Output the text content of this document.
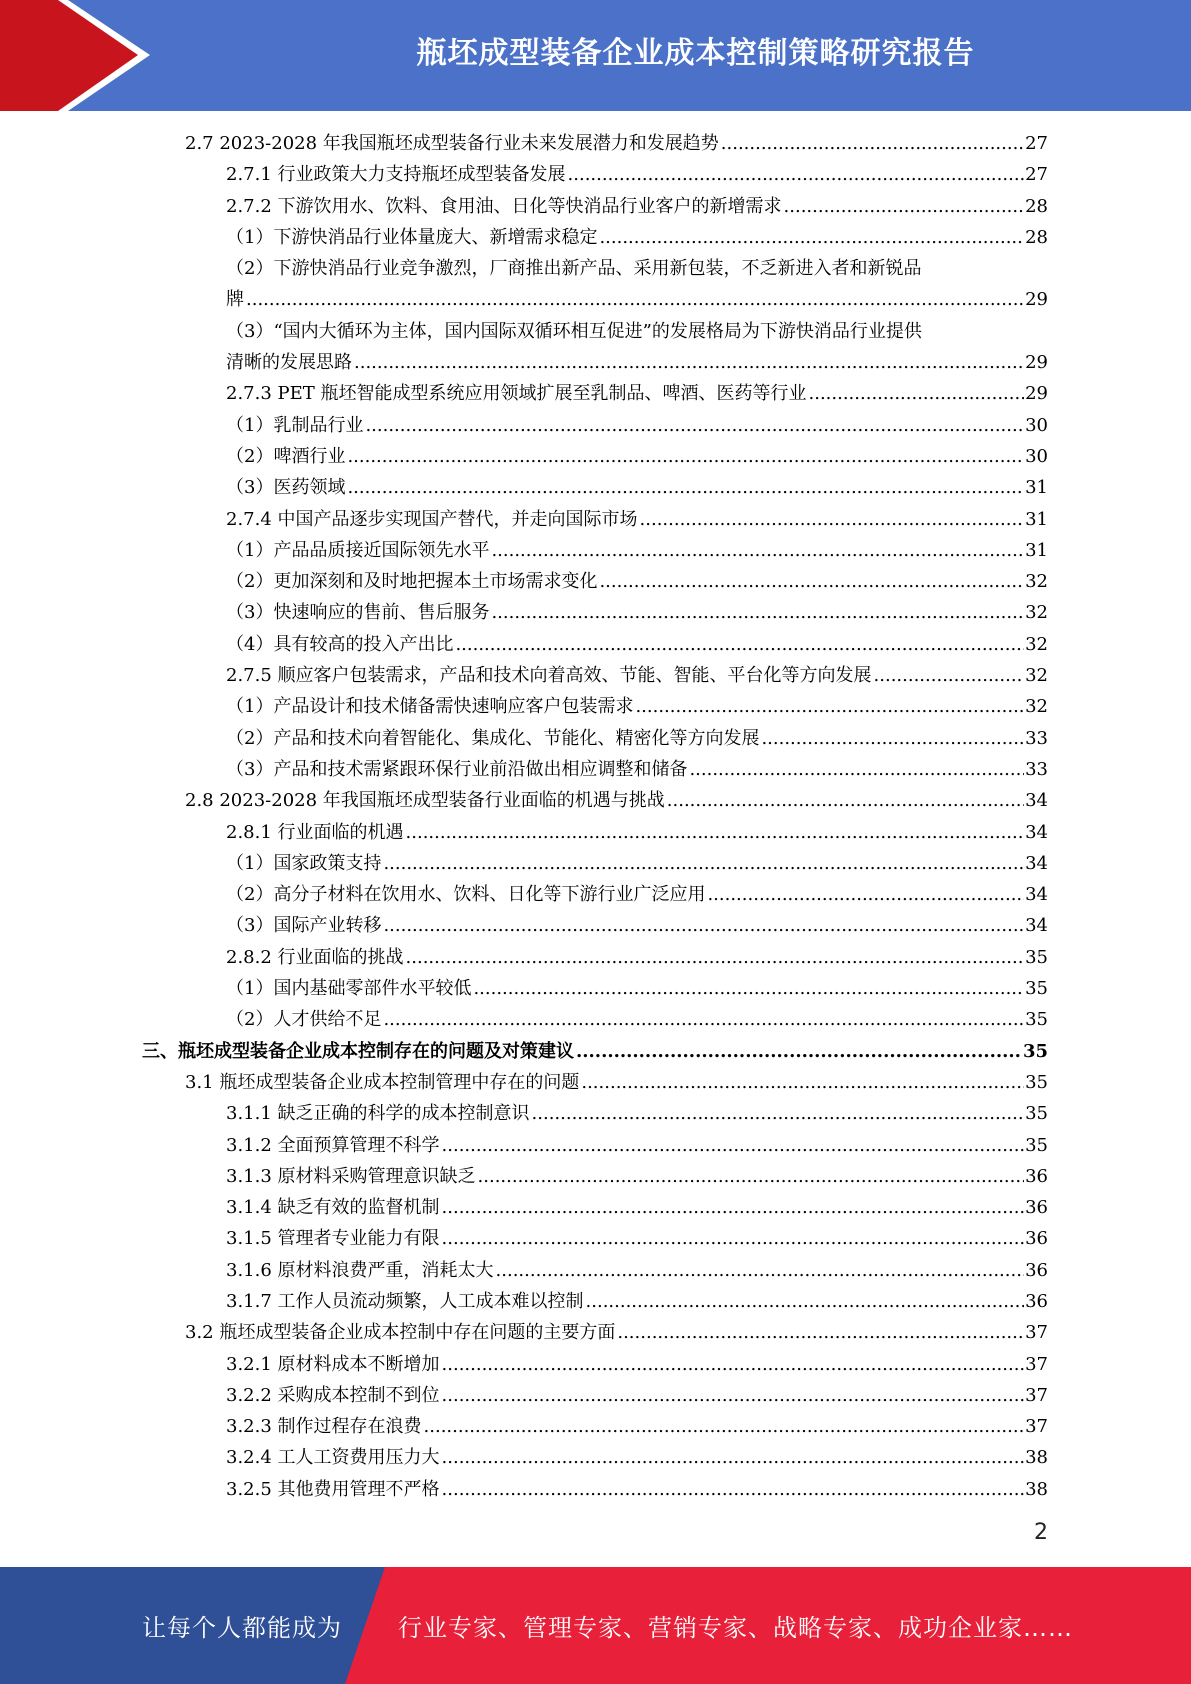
瓶坯成型装备企业成本控制策略研究报告
2.7 2023-2028 年我国瓶坯成型装备行业未来发展潜力和发展趋势 .....	27
2.7.1 行业政策大力支持瓶坯成型装备发展 .....	27
2.7.2 下游饮用水、饮料、食用油、日化等快消品行业客户的新增需求 .....	28
（1）下游快消品行业体量庞大、新增需求稳定 .....	28
（2）下游快消品行业竞争激烈，厂商推出新产品、采用新包装，不乏新进入者和新锐品
牌 .....	29
（3）“国内大循环为主体，国内国际双循环相互促进”的发展格局为下游快消品行业提供
清晰的发展思路 .....	29
2.7.3 PET 瓶坯智能成型系统应用领域扩展至乳制品、啤酒、医药等行业 .....	29
（1）乳制品行业 .....	30
（2）啤酒行业 .....	30
（3）医药领域 .....	31
2.7.4 中国产品逐步实现国产替代，并走向国际市场 .....	31
（1）产品品质接近国际领先水平 .....	31
（2）更加深刻和及时地把握本土市场需求变化 .....	32
（3）快速响应的售前、售后服务 .....	32
（4）具有较高的投入产出比 .....	32
2.7.5 顺应客户包装需求，产品和技术向着高效、节能、智能、平台化等方向发展 .....	32
（1）产品设计和技术储备需快速响应客户包装需求 .....	32
（2）产品和技术向着智能化、集成化、节能化、精密化等方向发展 .....	33
（3）产品和技术需紧跟环保行业前沿做出相应调整和储备 .....	33
2.8 2023-2028 年我国瓶坯成型装备行业面临的机遇与挑战 .....	34
2.8.1 行业面临的机遇 .....	34
（1）国家政策支持 .....	34
（2）高分子材料在饮用水、饮料、日化等下游行业广泛应用 .....	34
（3）国际产业转移 .....	34
2.8.2 行业面临的挑战 .....	35
（1）国内基础零部件水平较低 .....	35
（2）人才供给不足 .....	35
三、瓶坯成型装备企业成本控制存在的问题及对策建议 .....	35
3.1 瓶坯成型装备企业成本控制管理中存在的问题 .....	35
3.1.1 缺乏正确的科学的成本控制意识 .....	35
3.1.2 全面预算管理不科学 .....	35
3.1.3 原材料采购管理意识缺乏 .....	36
3.1.4 缺乏有效的监督机制 .....	36
3.1.5 管理者专业能力有限 .....	36
3.1.6 原材料浪费严重，消耗太大 .....	36
3.1.7 工作人员流动频繁，人工成本难以控制 .....	36
3.2 瓶坯成型装备企业成本控制中存在问题的主要方面 .....	37
3.2.1 原材料成本不断增加 .....	37
3.2.2 采购成本控制不到位 .....	37
3.2.3 制作过程存在浪费 .....	37
3.2.4 工人工资费用压力大 .....	38
3.2.5 其他费用管理不严格 .....	38
2
让每个人都能成为 行业专家、管理专家、营销专家、战略专家、成功企业家……
